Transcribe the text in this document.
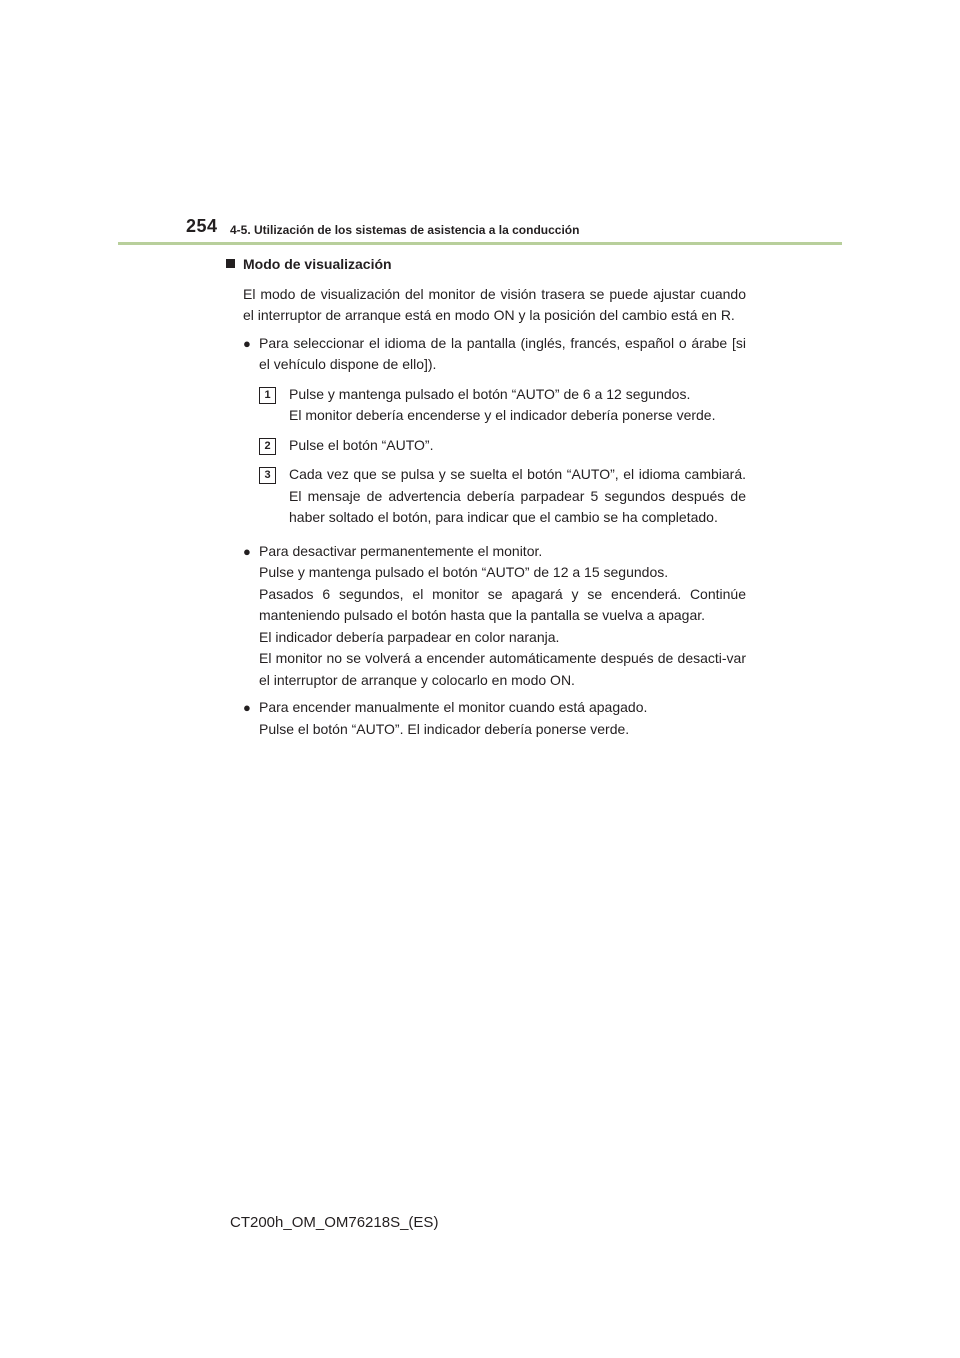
254 4-5. Utilización de los sistemas de asistencia a la conducción
Modo de visualización
El modo de visualización del monitor de visión trasera se puede ajustar cuando el interruptor de arranque está en modo ON y la posición del cambio está en R.
● Para seleccionar el idioma de la pantalla (inglés, francés, español o árabe [si el vehículo dispone de ello]).
1	Pulse y mantenga pulsado el botón “AUTO” de 6 a 12 segundos.
El monitor debería encenderse y el indicador debería ponerse verde.
2	Pulse el botón “AUTO”.
3	Cada vez que se pulsa y se suelta el botón “AUTO”, el idioma cambiará. El mensaje de advertencia debería parpadear 5 segundos después de haber soltado el botón, para indicar que el cambio se ha completado.
● Para desactivar permanentemente el monitor.
Pulse y mantenga pulsado el botón “AUTO” de 12 a 15 segundos.
Pasados 6 segundos, el monitor se apagará y se encenderá. Continúe manteniendo pulsado el botón hasta que la pantalla se vuelva a apagar.
El indicador debería parpadear en color naranja.
El monitor no se volverá a encender automáticamente después de desacti-var el interruptor de arranque y colocarlo en modo ON.
● Para encender manualmente el monitor cuando está apagado.
Pulse el botón “AUTO”. El indicador debería ponerse verde.
CT200h_OM_OM76218S_(ES)
